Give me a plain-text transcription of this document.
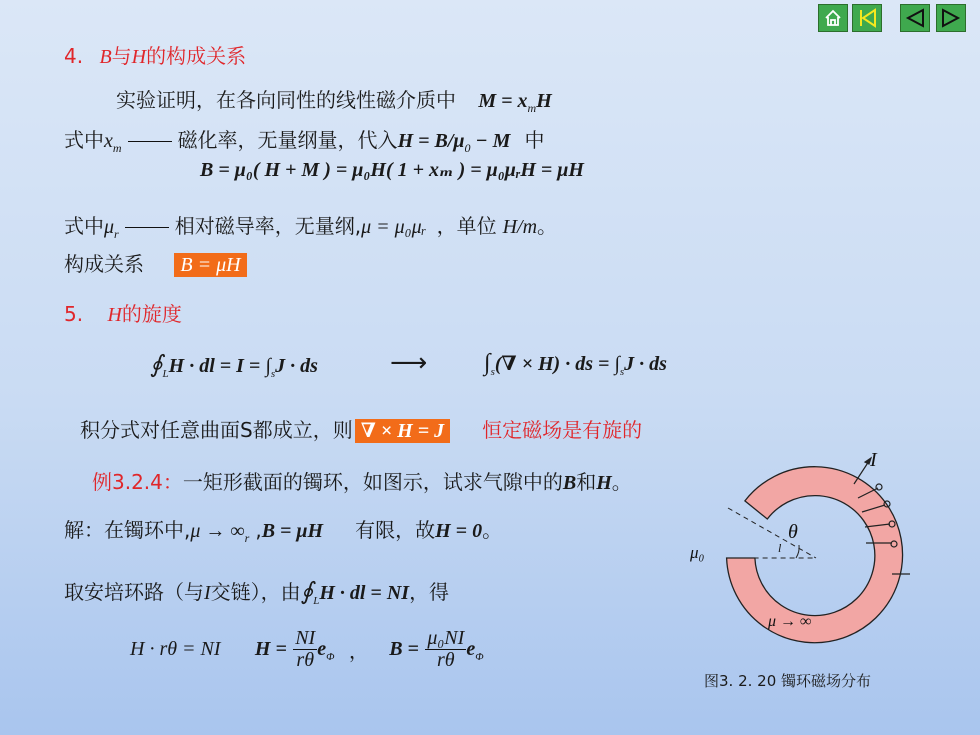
4. B与H的构成关系
实验证明，在各向同性的线性磁介质中 $M = x_mH$
式中$x_m$	磁化率，无量纲量，代入$H = B/\mu_0 - M$ 中
B = μ₀( H + M ) = μ₀H( 1 + xₘ ) = μ₀μᵣH = μH
式中$\mu_r$	相对磁导率，无量纲,μ = μ₀μᵣ ，单位 H/m。
构成关系 B = μH
5. H的旋度
$∮_LH$ · dl = $I = \int_sJ$ · ds	⟶ $\int_s(\nabla \times H)$ · ds = $\int_sJ$ · ds
积分式对任意曲面S都成立，则 ∇ × H = J 恒定磁场是有旋的
例3.2.4：一矩形截面的镯环，如图示，试求气隙中的B和H。
解：在镯环中$,\mu \to \infty_r$ ,B = μH 有限，故H = 0。
取安培环路（与I交链），由$∮_LH$ · dl = NI，得
H · rθ = NI $H = \frac{NI}{r\theta} e_\Phi$ ， $B = \frac{\text{μ₀NI}}{r\theta} e_\Phi$
I
θ
μ₀	l
μ → ∞
图3. 2. 20 镯环磁场分布
